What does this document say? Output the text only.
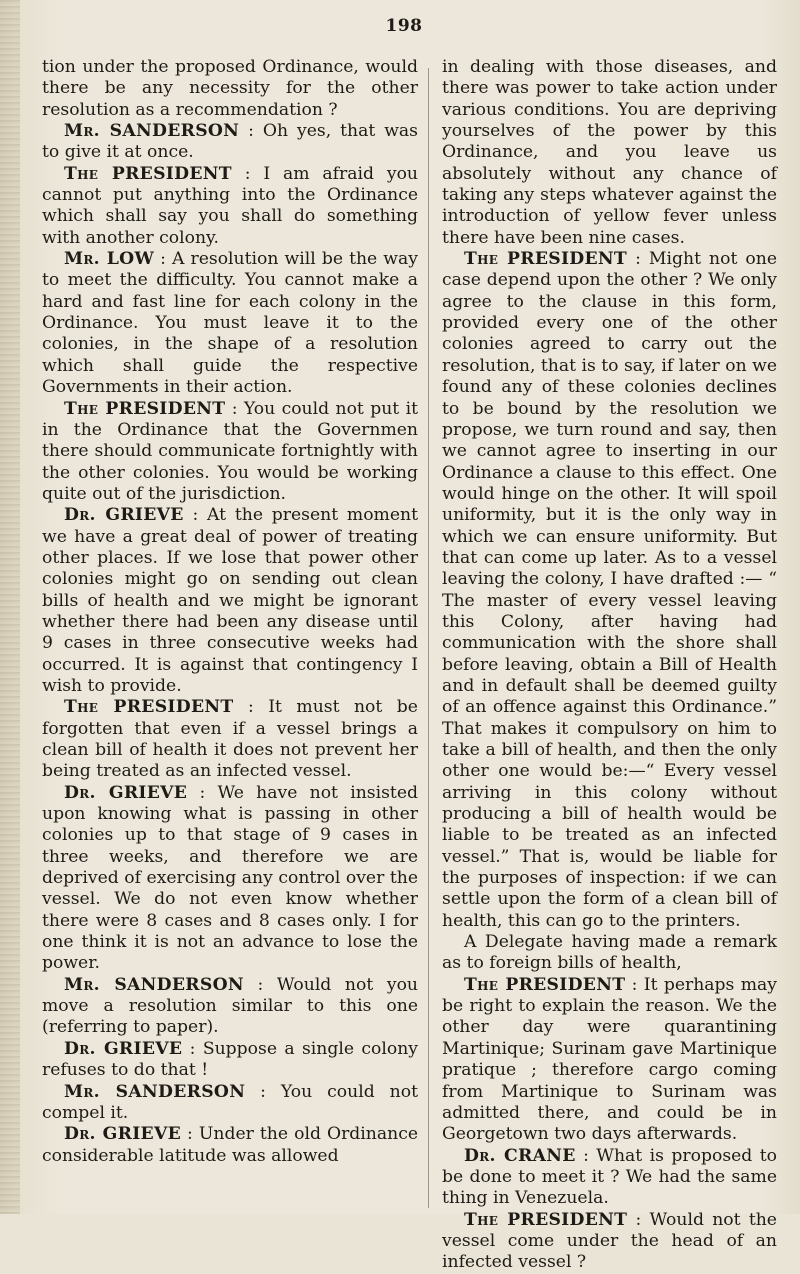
198

tion under the proposed Ordinance, would there be any necessity for the other resolution as a recommendation ?

Mr. SANDERSON : Oh yes, that was to give it at once.

The PRESIDENT : I am afraid you cannot put anything into the Ordinance which shall say you shall do something with another colony.

Mr. LOW : A resolution will be the way to meet the difficulty. You cannot make a hard and fast line for each colony in the Ordinance. You must leave it to the colonies, in the shape of a resolution which shall guide the respective Governments in their action.

The PRESIDENT : You could not put it in the Ordinance that the Governmen there should communicate fortnightly with the other colonies. You would be working quite out of the jurisdiction.

Dr. GRIEVE : At the present moment we have a great deal of power of treating other places. If we lose that power other colonies might go on sending out clean bills of health and we might be ignorant whether there had been any disease until 9 cases in three consecutive weeks had occurred. It is against that contingency I wish to provide.

The PRESIDENT : It must not be forgotten that even if a vessel brings a clean bill of health it does not prevent her being treated as an infected vessel.

Dr. GRIEVE : We have not insisted upon knowing what is passing in other colonies up to that stage of 9 cases in three weeks, and therefore we are deprived of exercising any control over the vessel. We do not even know whether there were 8 cases and 8 cases only. I for one think it is not an advance to lose the power.

Mr. SANDERSON : Would not you move a resolution similar to this one (referring to paper).

Dr. GRIEVE : Suppose a single colony refuses to do that !

Mr. SANDERSON : You could not compel it.

Dr. GRIEVE : Under the old Ordinance considerable latitude was allowed

in dealing with those diseases, and there was power to take action under various conditions. You are depriving yourselves of the power by this Ordinance, and you leave us absolutely without any chance of taking any steps whatever against the introduction of yellow fever unless there have been nine cases.

The PRESIDENT : Might not one case depend upon the other ? We only agree to the clause in this form, provided every one of the other colonies agreed to carry out the resolution, that is to say, if later on we found any of these colonies declines to be bound by the resolution we propose, we turn round and say, then we cannot agree to inserting in our Ordinance a clause to this effect. One would hinge on the other. It will spoil uniformity, but it is the only way in which we can ensure uniformity. But that can come up later. As to a vessel leaving the colony, I have drafted :— “ The master of every vessel leaving this Colony, after having had communication with the shore shall before leaving, obtain a Bill of Health and in default shall be deemed guilty of an offence against this Ordinance.” That makes it compulsory on him to take a bill of health, and then the only other one would be:—“ Every vessel arriving in this colony without producing a bill of health would be liable to be treated as an infected vessel.” That is, would be liable for the purposes of inspection: if we can settle upon the form of a clean bill of health, this can go to the printers.

A Delegate having made a remark as to foreign bills of health,

The PRESIDENT : It perhaps may be right to explain the reason. We the other day were quarantining Martinique; Surinam gave Martinique pratique ; therefore cargo coming from Martinique to Surinam was admitted there, and could be in Georgetown two days afterwards.

Dr. CRANE : What is proposed to be done to meet it ? We had the same thing in Venezuela.

The PRESIDENT : Would not the vessel come under the head of an infected vessel ?
